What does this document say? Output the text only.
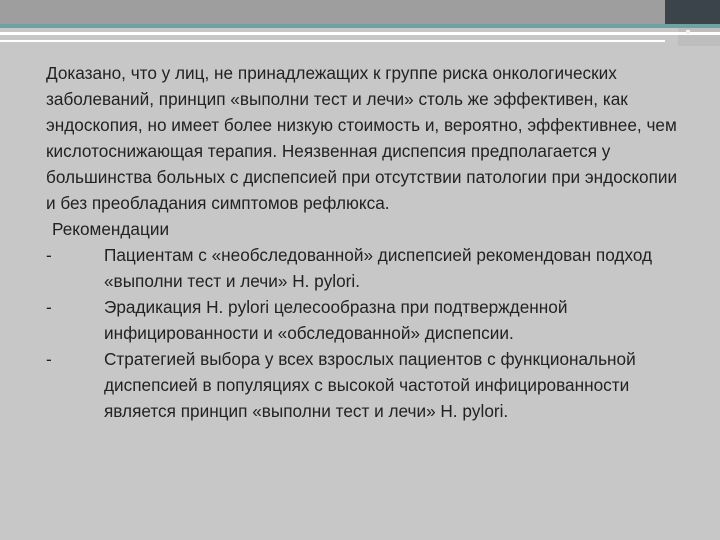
Доказано, что у лиц, не принадлежащих к группе риска онкологических заболеваний, принцип «выполни тест и лечи» столь же эффективен, как эндоскопия, но имеет более низкую стоимость и, вероятно, эффективнее, чем кислотоснижающая терапия. Неязвенная диспепсия предполагается у большинства больных с диспепсией при отсутствии патологии при эндоскопии и без преобладания симптомов рефлюкса.

Рекомендации

-	Пациентам с «необследованной» диспепсией рекомендован подход «выполни тест и лечи» H. pylori.
-	Эрадикация H. pylori целесообразна при подтвержденной инфицированности и «обследованной» диспепсии.
-	Стратегией выбора у всех взрослых пациентов с функциональной диспепсией в популяциях с высокой частотой инфицированности является принцип «выполни тест и лечи» H. pylori.
